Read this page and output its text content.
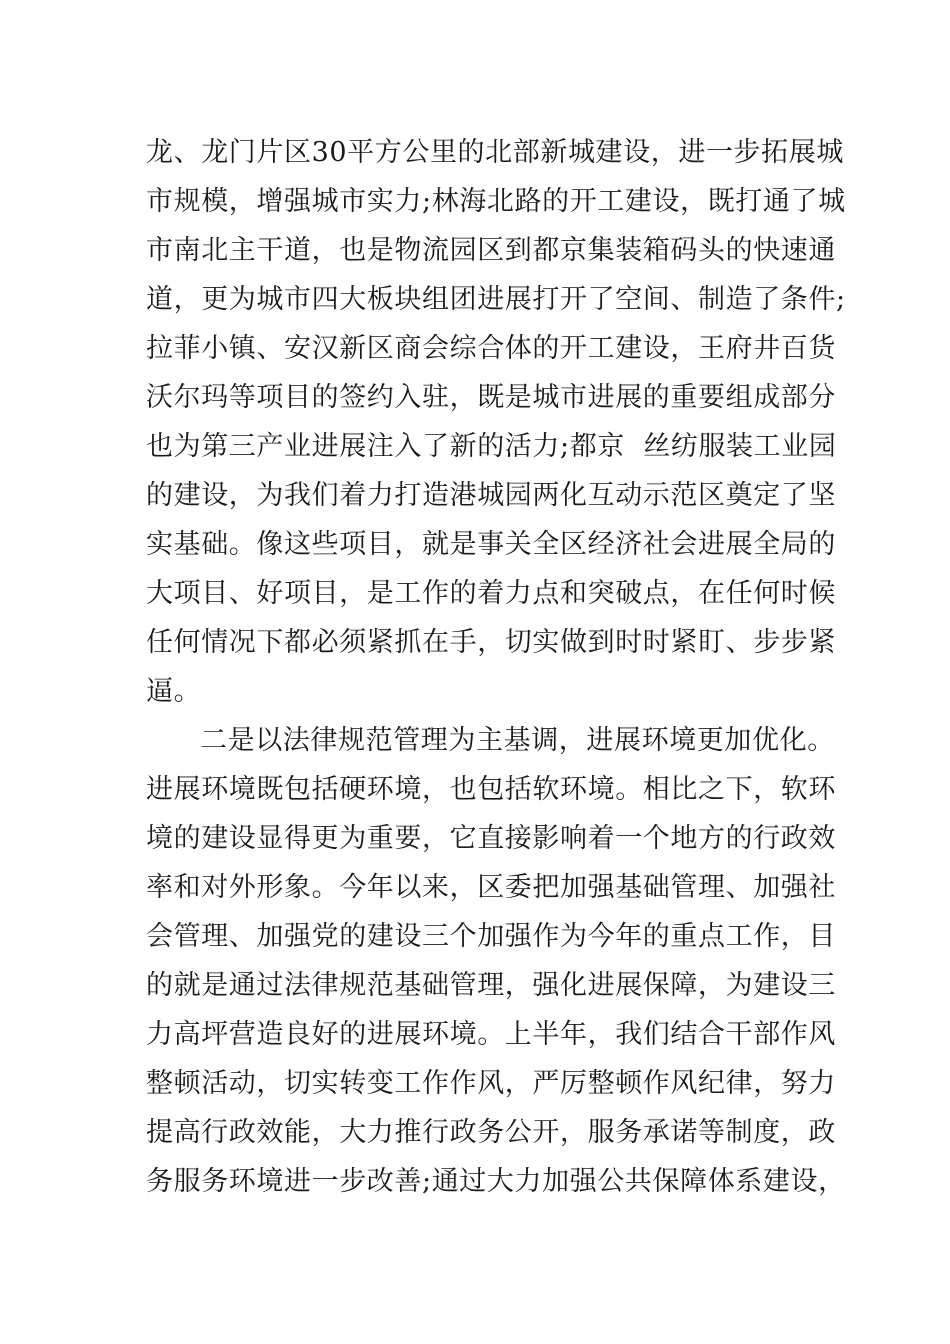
龙、龙门片区30平方公里的北部新城建设，进一步拓展城
市规模，增强城市实力;林海北路的开工建设，既打通了城
市南北主干道，也是物流园区到都京集装箱码头的快速通
道，更为城市四大板块组团进展打开了空间、制造了条件;
拉菲小镇、安汉新区商会综合体的开工建设，王府井百货
沃尔玛等项目的签约入驻，既是城市进展的重要组成部分
也为第三产业进展注入了新的活力;都京  丝纺服装工业园
的建设，为我们着力打造港城园两化互动示范区奠定了坚
实基础。像这些项目，就是事关全区经济社会进展全局的
大项目、好项目，是工作的着力点和突破点，在任何时候
任何情况下都必须紧抓在手，切实做到时时紧盯、步步紧
逼。
二是以法律规范管理为主基调，进展环境更加优化。
进展环境既包括硬环境，也包括软环境。相比之下，软环
境的建设显得更为重要，它直接影响着一个地方的行政效
率和对外形象。今年以来，区委把加强基础管理、加强社
会管理、加强党的建设三个加强作为今年的重点工作，目
的就是通过法律规范基础管理，强化进展保障，为建设三
力高坪营造良好的进展环境。上半年，我们结合干部作风
整顿活动，切实转变工作作风，严厉整顿作风纪律，努力
提高行政效能，大力推行政务公开，服务承诺等制度，政
务服务环境进一步改善;通过大力加强公共保障体系建设，
